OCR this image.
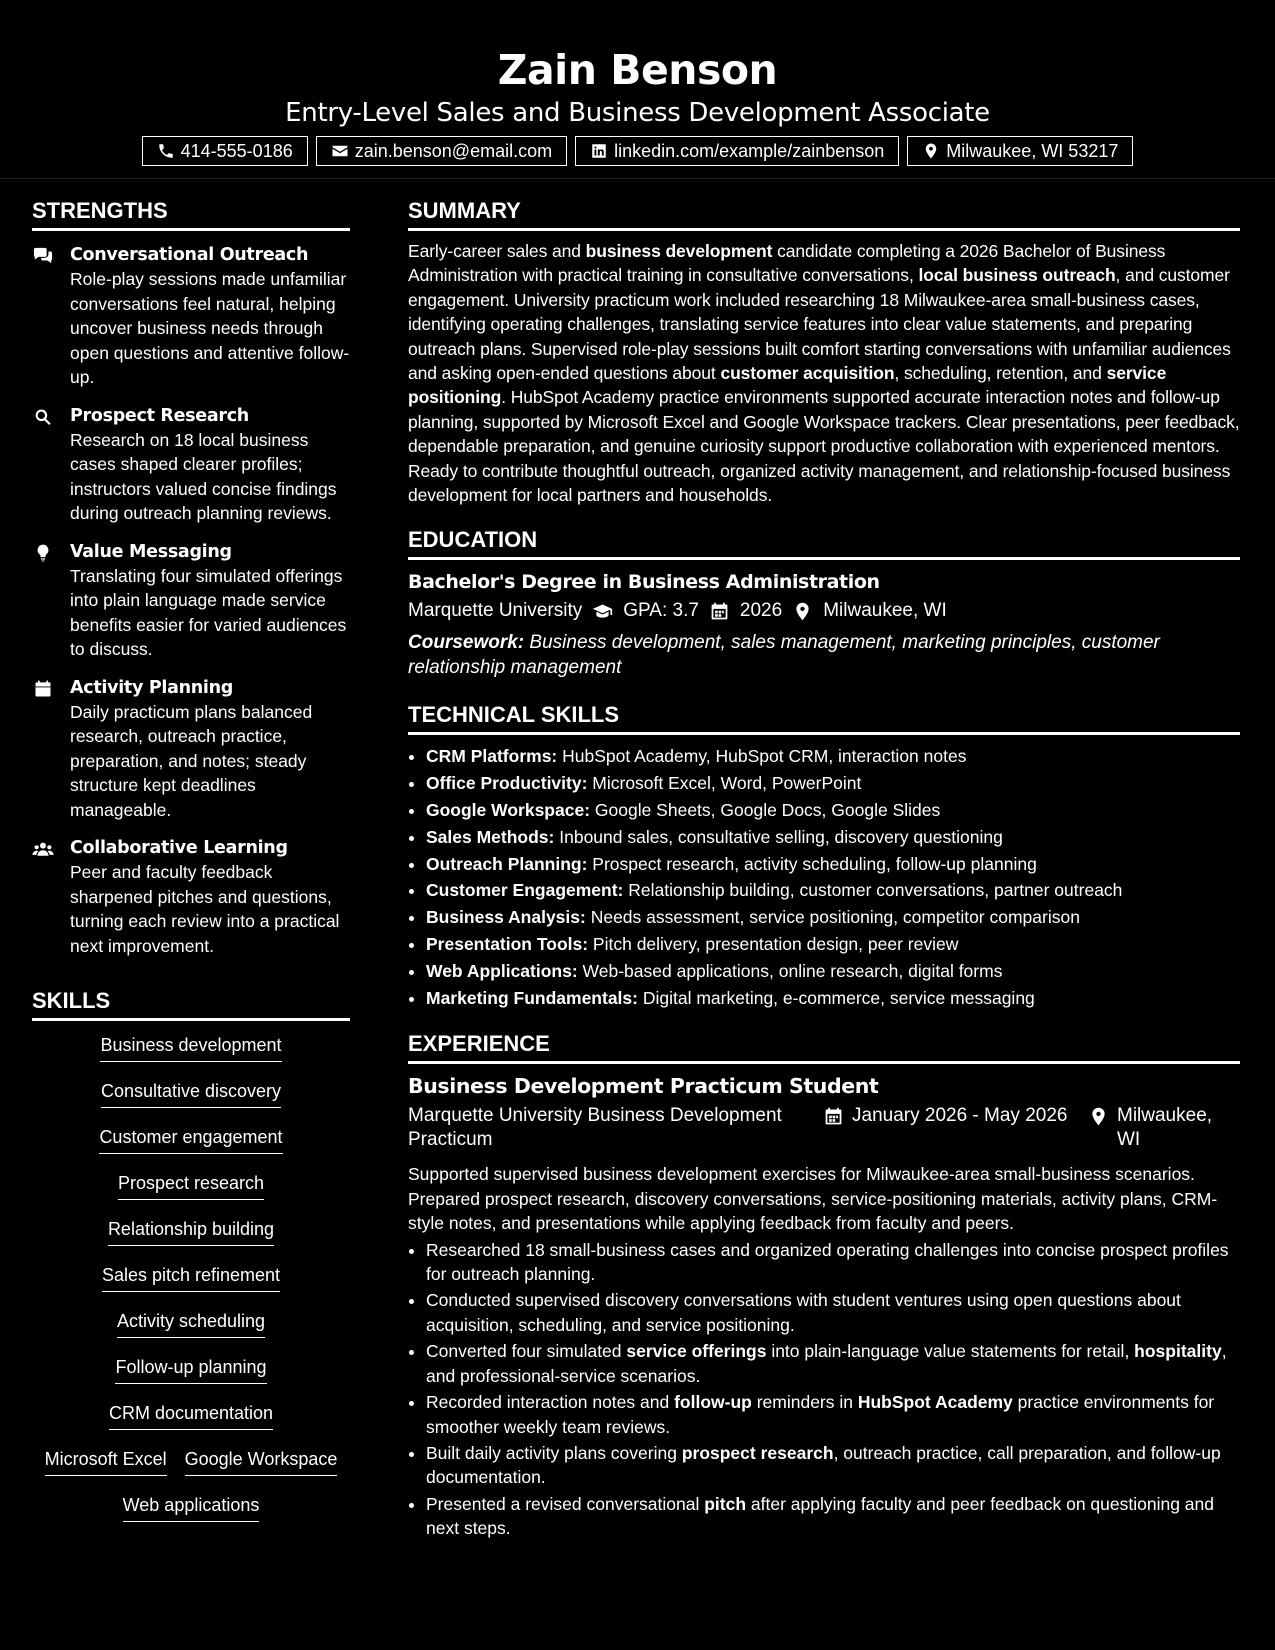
Zain Benson
Entry-Level Sales and Business Development Associate
414-555-0186	zain.benson@email.com	linkedin.com/example/zainbenson	Milwaukee, WI 53217
STRENGTHS
Conversational Outreach
Role-play sessions made unfamiliar conversations feel natural, helping uncover business needs through open questions and attentive follow-up.
Prospect Research
Research on 18 local business cases shaped clearer profiles; instructors valued concise findings during outreach planning reviews.
Value Messaging
Translating four simulated offerings into plain language made service benefits easier for varied audiences to discuss.
Activity Planning
Daily practicum plans balanced research, outreach practice, preparation, and notes; steady structure kept deadlines manageable.
Collaborative Learning
Peer and faculty feedback sharpened pitches and questions, turning each review into a practical next improvement.
SKILLS
Business development
Consultative discovery
Customer engagement
Prospect research
Relationship building
Sales pitch refinement
Activity scheduling
Follow-up planning
CRM documentation
Microsoft Excel Google Workspace
Web applications
SUMMARY
Early-career sales and business development candidate completing a 2026 Bachelor of Business Administration with practical training in consultative conversations, local business outreach, and customer engagement. University practicum work included researching 18 Milwaukee-area small-business cases, identifying operating challenges, translating service features into clear value statements, and preparing outreach plans. Supervised role-play sessions built comfort starting conversations with unfamiliar audiences and asking open-ended questions about customer acquisition, scheduling, retention, and service positioning. HubSpot Academy practice environments supported accurate interaction notes and follow-up planning, supported by Microsoft Excel and Google Workspace trackers. Clear presentations, peer feedback, dependable preparation, and genuine curiosity support productive collaboration with experienced mentors. Ready to contribute thoughtful outreach, organized activity management, and relationship-focused business development for local partners and households.
EDUCATION
Bachelor's Degree in Business Administration
Marquette University GPA: 3.7 2026 Milwaukee, WI
Coursework: Business development, sales management, marketing principles, customer relationship management
TECHNICAL SKILLS
• CRM Platforms: HubSpot Academy, HubSpot CRM, interaction notes
• Office Productivity: Microsoft Excel, Word, PowerPoint
• Google Workspace: Google Sheets, Google Docs, Google Slides
• Sales Methods: Inbound sales, consultative selling, discovery questioning
• Outreach Planning: Prospect research, activity scheduling, follow-up planning
• Customer Engagement: Relationship building, customer conversations, partner outreach
• Business Analysis: Needs assessment, service positioning, competitor comparison
• Presentation Tools: Pitch delivery, presentation design, peer review
• Web Applications: Web-based applications, online research, digital forms
• Marketing Fundamentals: Digital marketing, e-commerce, service messaging
EXPERIENCE
Business Development Practicum Student
Marquette University Business Development Practicum
January 2026 - May 2026	Milwaukee, WI
Supported supervised business development exercises for Milwaukee-area small-business scenarios. Prepared prospect research, discovery conversations, service-positioning materials, activity plans, CRM-style notes, and presentations while applying feedback from faculty and peers.
• Researched 18 small-business cases and organized operating challenges into concise prospect profiles for outreach planning.
• Conducted supervised discovery conversations with student ventures using open questions about acquisition, scheduling, and service positioning.
• Converted four simulated service offerings into plain-language value statements for retail, hospitality, and professional-service scenarios.
• Recorded interaction notes and follow-up reminders in HubSpot Academy practice environments for smoother weekly team reviews.
• Built daily activity plans covering prospect research, outreach practice, call preparation, and follow-up documentation.
• Presented a revised conversational pitch after applying faculty and peer feedback on questioning and next steps.
